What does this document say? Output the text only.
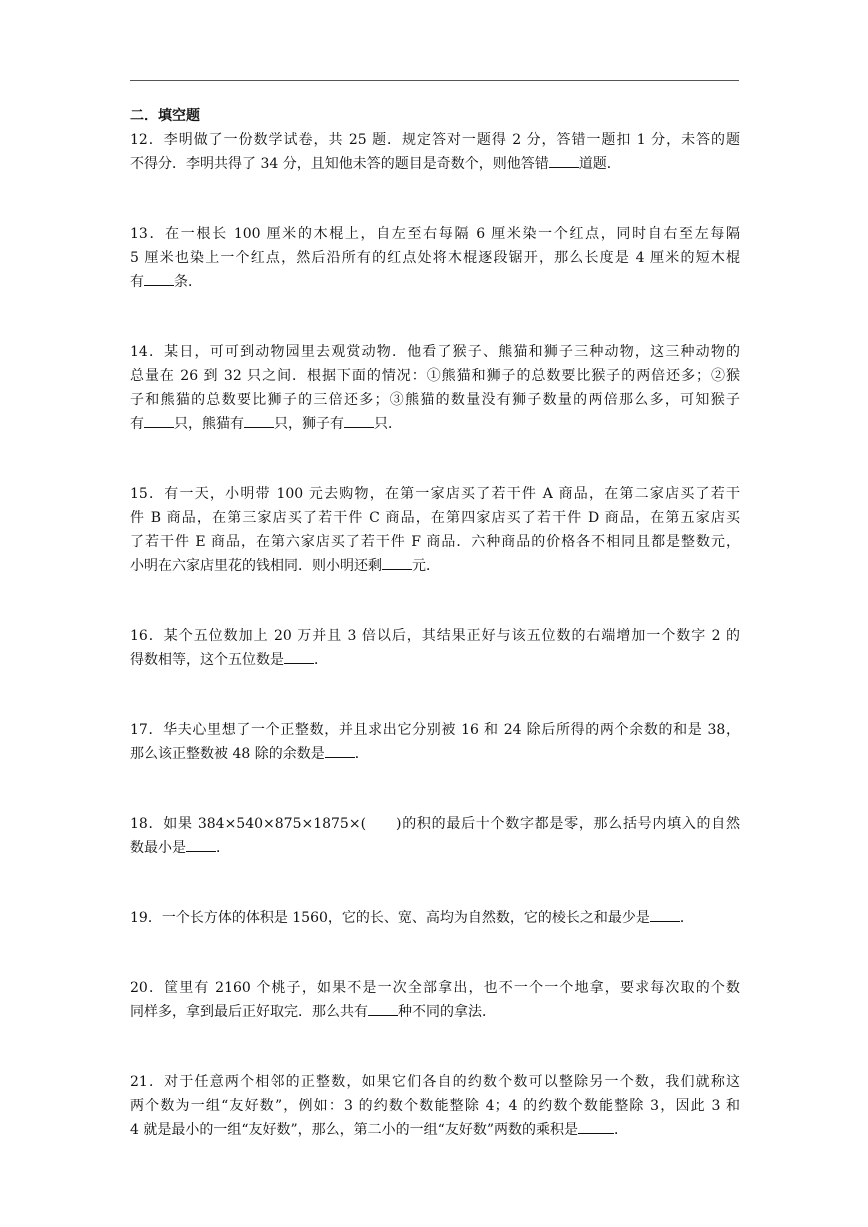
二．填空题

12．李明做了一份数学试卷，共 25 题．规定答对一题得 2 分，答错一题扣 1 分，未答的题
不得分．李明共得了 34 分，且知他未答的题目是奇数个，则他答错 道题．
13．在一根长 100 厘米的木棍上，自左至右每隔 6 厘米染一个红点，同时自右至左每隔
5 厘米也染上一个红点，然后沿所有的红点处将木棍逐段锯开，那么长度是 4 厘米的短木棍
有 条．
14．某日，可可到动物园里去观赏动物．他看了猴子、熊猫和狮子三种动物，这三种动物的
总量在 26 到 32 只之间．根据下面的情况：①熊猫和狮子的总数要比猴子的两倍还多；②猴
子和熊猫的总数要比狮子的三倍还多；③熊猫的数量没有狮子数量的两倍那么多，可知猴子
有 只，熊猫有 只，狮子有 只．
15．有一天，小明带 100 元去购物，在第一家店买了若干件 A 商品，在第二家店买了若干
件 B 商品，在第三家店买了若干件 C 商品，在第四家店买了若干件 D 商品，在第五家店买
了若干件 E 商品，在第六家店买了若干件 F 商品．六种商品的价格各不相同且都是整数元，
小明在六家店里花的钱相同．则小明还剩 元．
16．某个五位数加上 20 万并且 3 倍以后，其结果正好与该五位数的右端增加一个数字 2 的
得数相等，这个五位数是 ．
17．华夫心里想了一个正整数，并且求出它分别被 16 和 24 除后所得的两个余数的和是 38，
那么该正整数被 48 除的余数是 ．
18．如果 384×540×875×1875×( )的积的最后十个数字都是零，那么括号内填入的自然
数最小是 ．
19．一个长方体的体积是 1560，它的长、宽、高均为自然数，它的棱长之和最少是 ．
20．筐里有 2160 个桃子，如果不是一次全部拿出，也不一个一个地拿，要求每次取的个数
同样多，拿到最后正好取完．那么共有 种不同的拿法．
21．对于任意两个相邻的正整数，如果它们各自的约数个数可以整除另一个数，我们就称这
两个数为一组“友好数”，例如：3 的约数个数能整除 4；4 的约数个数能整除 3，因此 3 和
4 就是最小的一组“友好数”，那么，第二小的一组“友好数”两数的乘积是	．
